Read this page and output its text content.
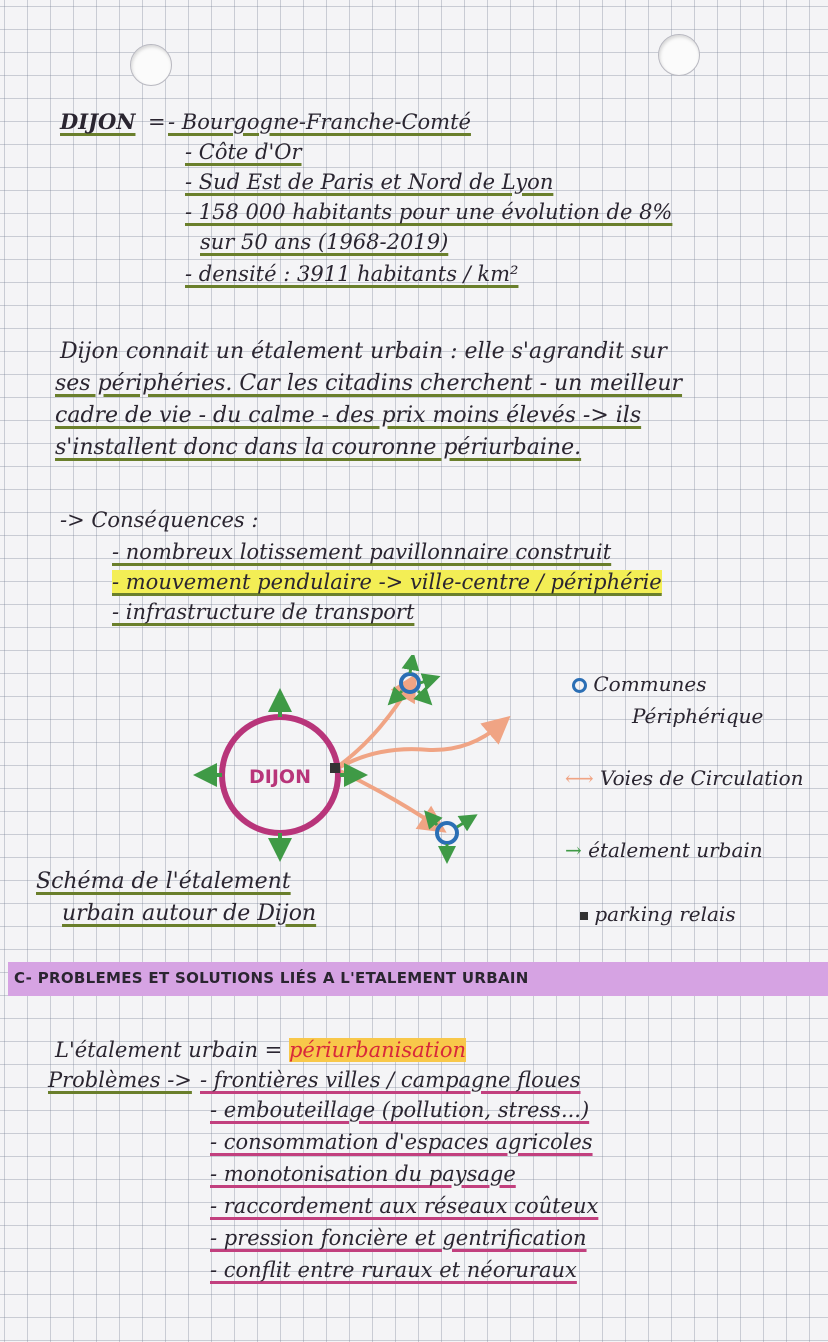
DIJON = - Bourgogne-Franche-Comté
- Côte d'Or
- Sud Est de Paris et Nord de Lyon
- 158 000 habitants pour une évolution de 8%
sur 50 ans (1968-2019)
- densité : 3911 habitants / km²
Dijon connait un étalement urbain : elle s'agrandit sur
ses périphéries. Car les citadins cherchent - un meilleur
cadre de vie - du calme - des prix moins élevés -> ils
s'installent donc dans la couronne périurbaine.
-> Conséquences :
- nombreux lotissement pavillonnaire construit
- mouvement pendulaire -> ville-centre / périphérie
- infrastructure de transport
DIJON
Communes
Périphérique
⟷ Voies de Circulation
→ étalement urbain
parking relais
Schéma de l'étalement
urbain autour de Dijon
C- PROBLEMES ET SOLUTIONS LIÉS A L'ETALEMENT URBAIN
L'étalement urbain = périurbanisation
Problèmes -> - frontières villes / campagne floues
- embouteillage (pollution, stress...)
- consommation d'espaces agricoles
- monotonisation du paysage
- raccordement aux réseaux coûteux
- pression foncière et gentrification
- conflit entre ruraux et néoruraux
